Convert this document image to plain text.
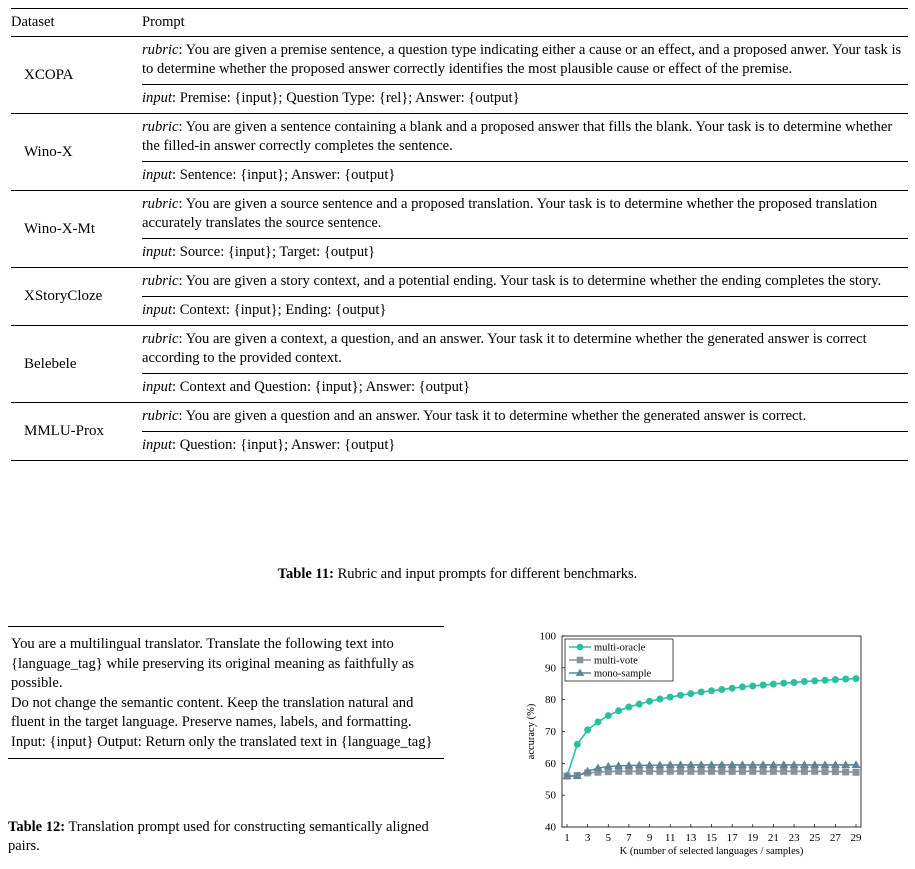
Dataset	Prompt
XCOPA
rubric: You are given a premise sentence, a question type indicating either a cause or an effect, and a proposed anwer. Your task is to determine whether the proposed answer correctly identifies the most plausible cause or effect of the premise.
input: Premise: {input}; Question Type: {rel}; Answer: {output}
Wino-X
rubric: You are given a sentence containing a blank and a proposed answer that fills the blank. Your task is to determine whether the filled-in answer correctly completes the sentence.
input: Sentence: {input}; Answer: {output}
Wino-X-Mt
rubric: You are given a source sentence and a proposed translation. Your task is to determine whether the proposed translation accurately translates the source sentence.
input: Source: {input}; Target: {output}
XStoryCloze
rubric: You are given a story context, and a potential ending. Your task is to determine whether the ending completes the story.
input: Context: {input}; Ending: {output}
Belebele
rubric: You are given a context, a question, and an answer. Your task it to determine whether the generated answer is correct according to the provided context.
input: Context and Question: {input}; Answer: {output}
MMLU-Prox
rubric: You are given a question and an answer. Your task it to determine whether the generated answer is correct.
input: Question: {input}; Answer: {output}
Table 11: Rubric and input prompts for different benchmarks.

You are a multilingual translator. Translate the following text into {language_tag} while preserving its original meaning as faithfully as possible.

Do not change the semantic content. Keep the translation natural and fluent in the target language. Preserve names, labels, and formatting.

Input: {input} Output: Return only the translated text in {language_tag}

Table 12: Translation prompt used for constructing semantically aligned pairs.
40
50
60
70
80
90
100
1 3 5 7 9 11 13 15 17 19 21 23 25 27 29
K (number of selected languages / samples)
accuracy (%)
multi-oracle
multi-vote
mono-sample
